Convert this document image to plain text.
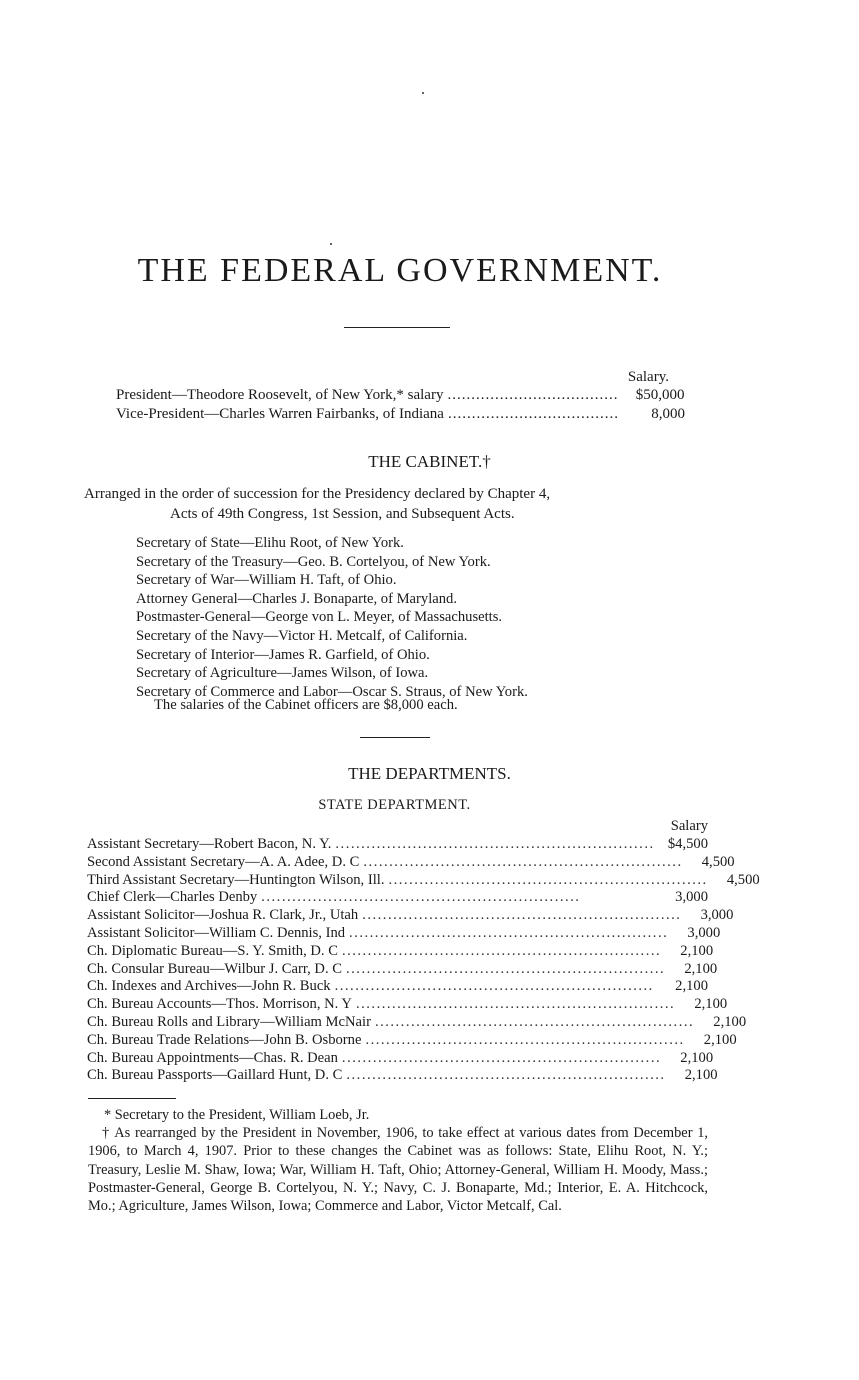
THE FEDERAL GOVERNMENT.
Salary.
President—Theodore Roosevelt, of New York,* salary ....................................	$50,000
Vice-President—Charles Warren Fairbanks, of Indiana ....................................	8,000
THE CABINET.†
Arranged in the order of succession for the Presidency declared by Chapter 4,
Acts of 49th Congress, 1st Session, and Subsequent Acts.
Secretary of State—Elihu Root, of New York.
Secretary of the Treasury—Geo. B. Cortelyou, of New York.
Secretary of War—William H. Taft, of Ohio.
Attorney General—Charles J. Bonaparte, of Maryland.
Postmaster-General—George von L. Meyer, of Massachusetts.
Secretary of the Navy—Victor H. Metcalf, of California.
Secretary of Interior—James R. Garfield, of Ohio.
Secretary of Agriculture—James Wilson, of Iowa.
Secretary of Commerce and Labor—Oscar S. Straus, of New York.
The salaries of the Cabinet officers are $8,000 each.
THE DEPARTMENTS.
STATE DEPARTMENT.
Salary
Assistant Secretary—Robert Bacon, N. Y. .............................................................. $4,500
Second Assistant Secretary—A. A. Adee, D. C ..............................................................	4,500
Third Assistant Secretary—Huntington Wilson, Ill. ..............................................................	4,500
Chief Clerk—Charles Denby ..............................................................	3,000
Assistant Solicitor—Joshua R. Clark, Jr., Utah ..............................................................	3,000
Assistant Solicitor—William C. Dennis, Ind ..............................................................	3,000
Ch. Diplomatic Bureau—S. Y. Smith, D. C ..............................................................	2,100
Ch. Consular Bureau—Wilbur J. Carr, D. C ..............................................................	2,100
Ch. Indexes and Archives—John R. Buck ..............................................................	2,100
Ch. Bureau Accounts—Thos. Morrison, N. Y ..............................................................	2,100
Ch. Bureau Rolls and Library—William McNair ..............................................................	2,100
Ch. Bureau Trade Relations—John B. Osborne ..............................................................	2,100
Ch. Bureau Appointments—Chas. R. Dean ..............................................................	2,100
Ch. Bureau Passports—Gaillard Hunt, D. C ..............................................................	2,100
* Secretary to the President, William Loeb, Jr.
† As rearranged by the President in November, 1906, to take effect at various dates from December 1, 1906, to March 4, 1907. Prior to these changes the Cabinet was as follows: State, Elihu Root, N. Y.; Treasury, Leslie M. Shaw, Iowa; War, William H. Taft, Ohio; Attorney-General, William H. Moody, Mass.; Postmaster-General, George B. Cortelyou, N. Y.; Navy, C. J. Bonaparte, Md.; Interior, E. A. Hitchcock, Mo.; Agriculture, James Wilson, Iowa; Commerce and Labor, Victor Metcalf, Cal.
